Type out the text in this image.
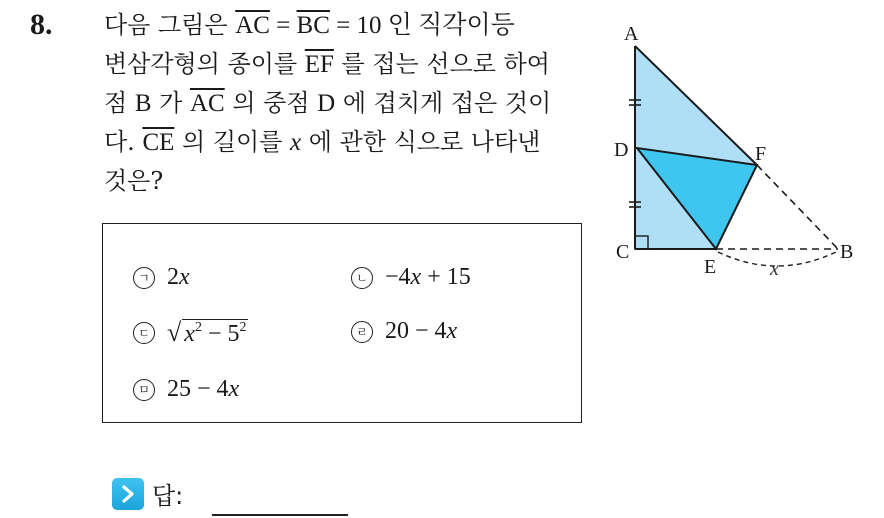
8. 다음 그림은 $\overline{AC} = \overline{BC} = 10$ 인 직각이등
변삼각형의 종이를 $\overline{EF}$ 를 접는 선으로 하여
점 B 가 $\overline{AC}$ 의 중점 D 에 겹치게 접은 것이
다. $\overline{CE}$ 의 길이를 x 에 관한 식으로 나타낸
것은?
ㄱ 2x	ㄴ −4x + 15
ㄷ √ $x^2 - 5^2$	ㄹ 20 − 4x
ㅁ 25 − 4x
답:
A
D
C
E
F
B
x
